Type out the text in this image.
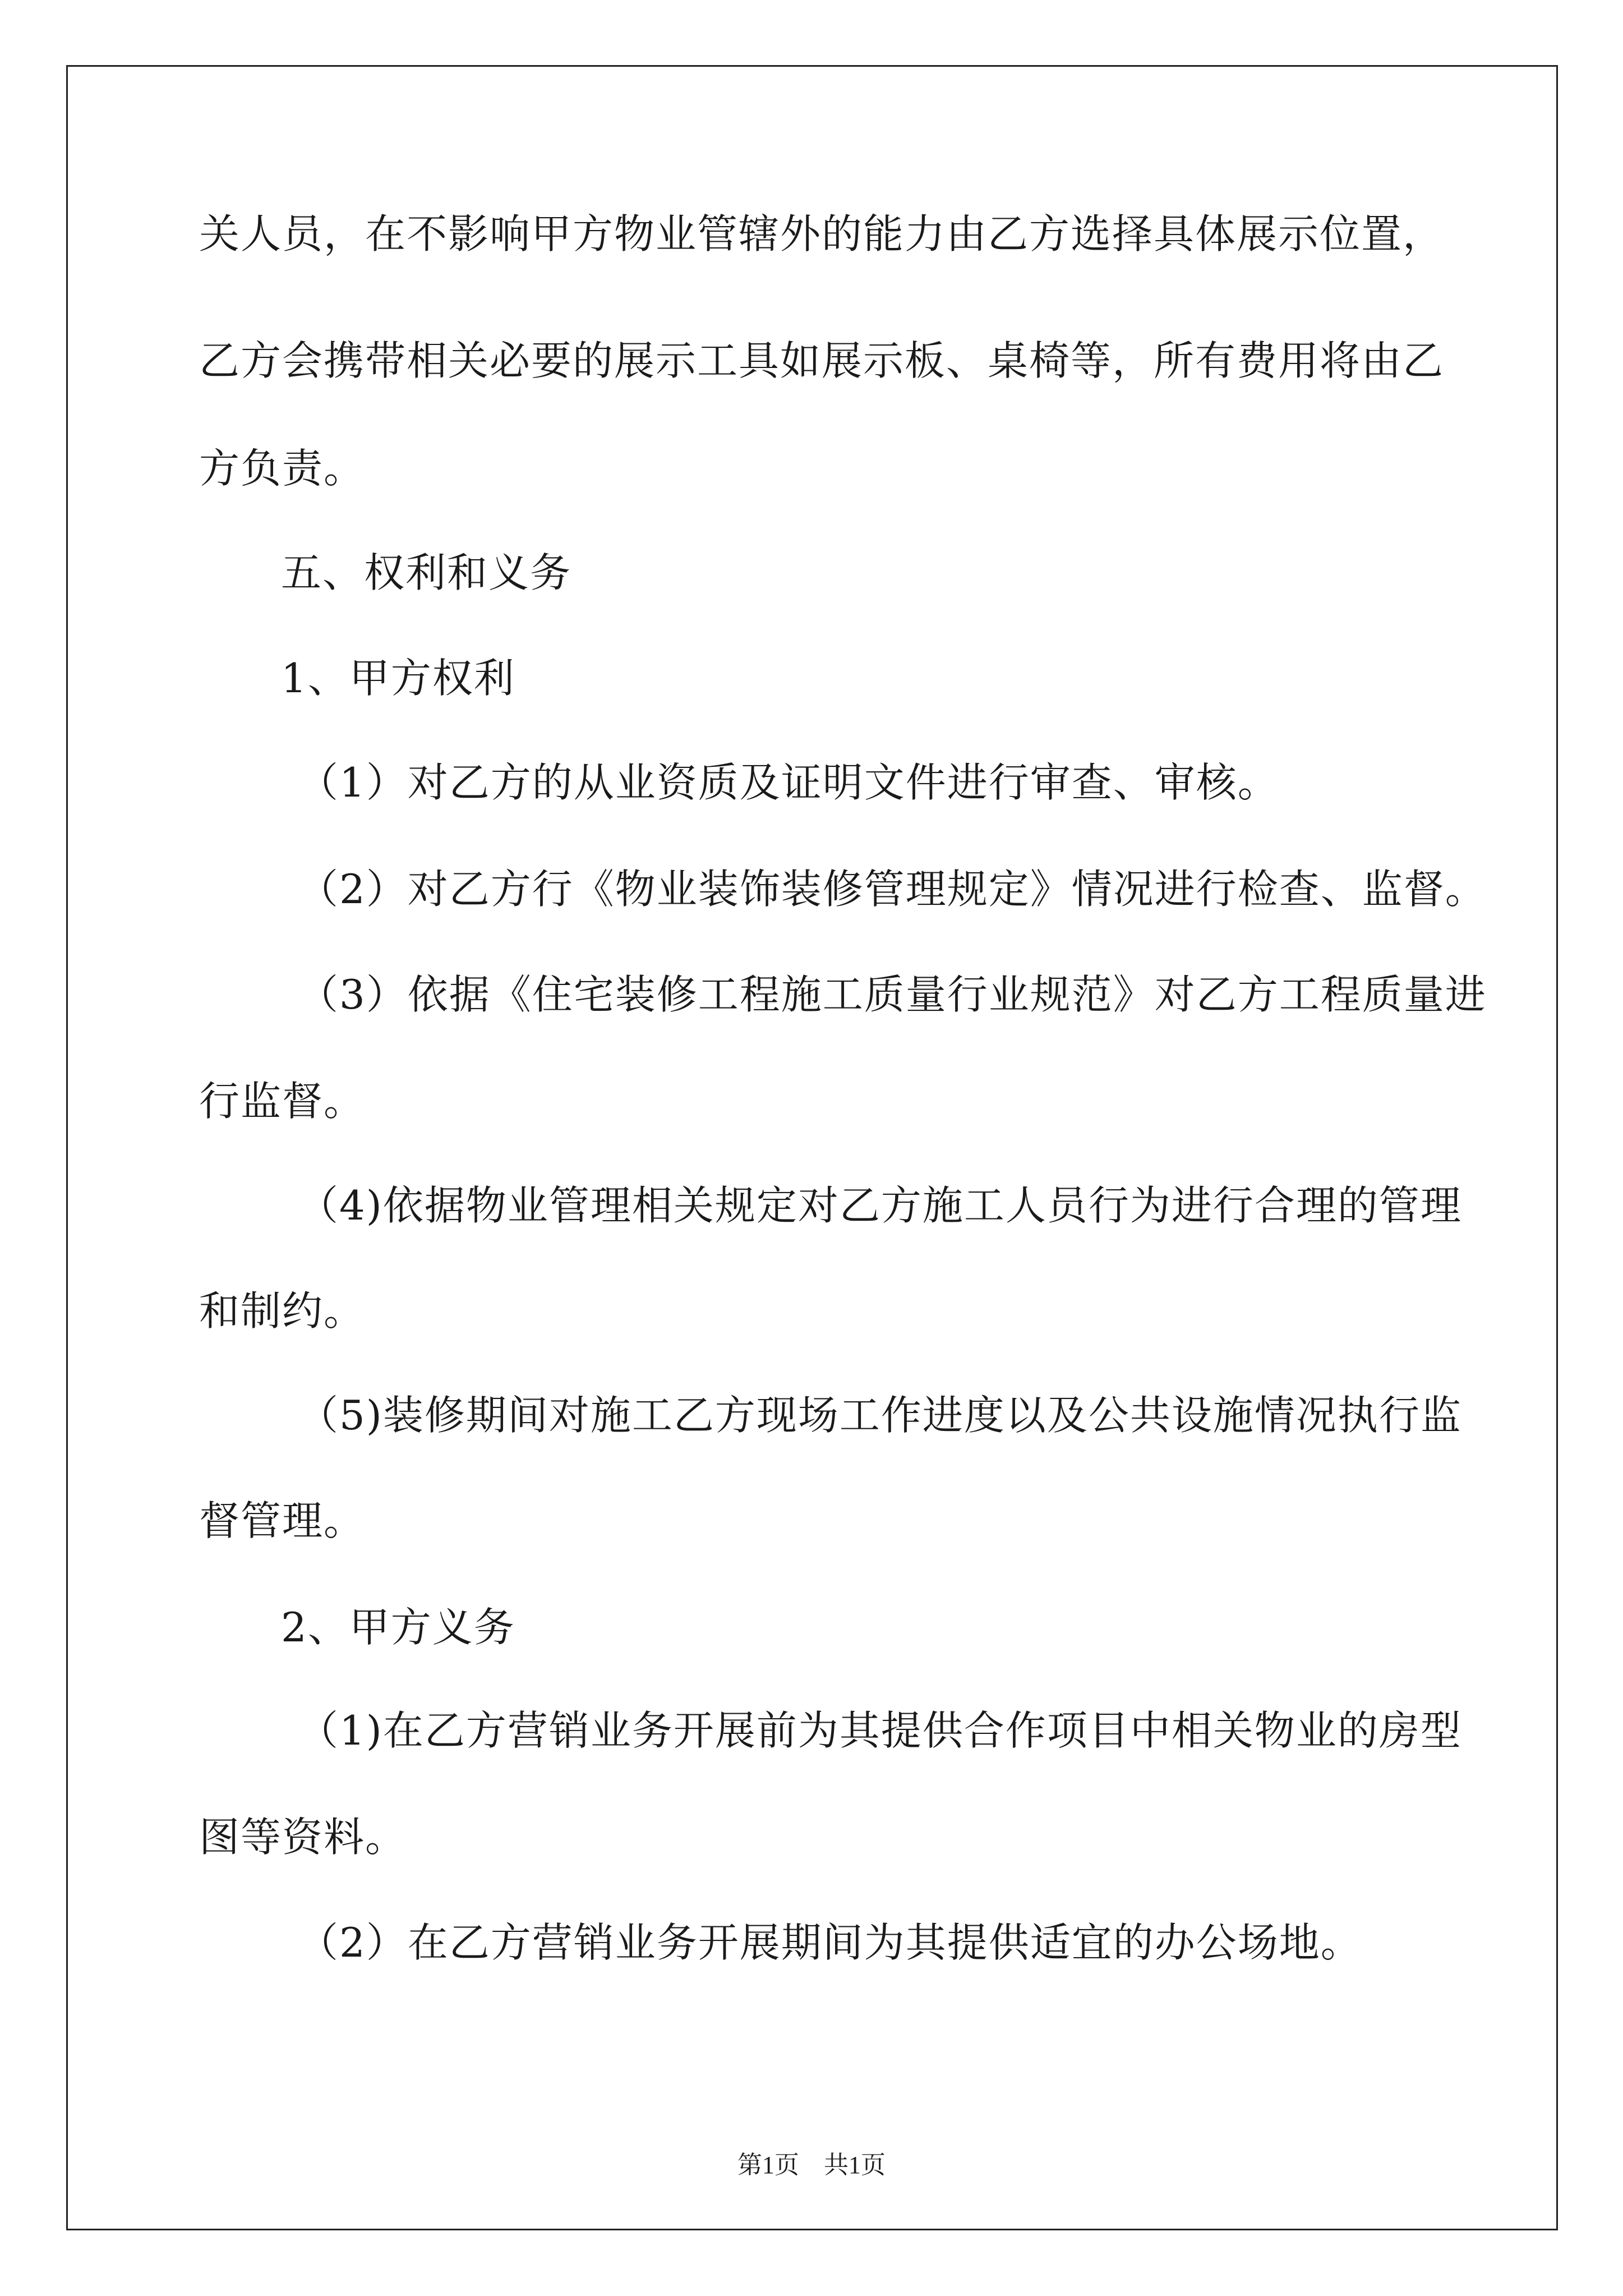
关人员，在不影响甲方物业管辖外的能力由乙方选择具体展示位置，
乙方会携带相关必要的展示工具如展示板、桌椅等，所有费用将由乙
方负责。
五、权利和义务
1、甲方权利
（1）对乙方的从业资质及证明文件进行审查、审核。
（2）对乙方行《物业装饰装修管理规定》情况进行检查、监督。
（3）依据《住宅装修工程施工质量行业规范》对乙方工程质量进
行监督。
（4)依据物业管理相关规定对乙方施工人员行为进行合理的管理
和制约。
（5)装修期间对施工乙方现场工作进度以及公共设施情况执行监
督管理。
2、甲方义务
（1)在乙方营销业务开展前为其提供合作项目中相关物业的房型
图等资料。
（2）在乙方营销业务开展期间为其提供适宜的办公场地。
第1页　共1页
